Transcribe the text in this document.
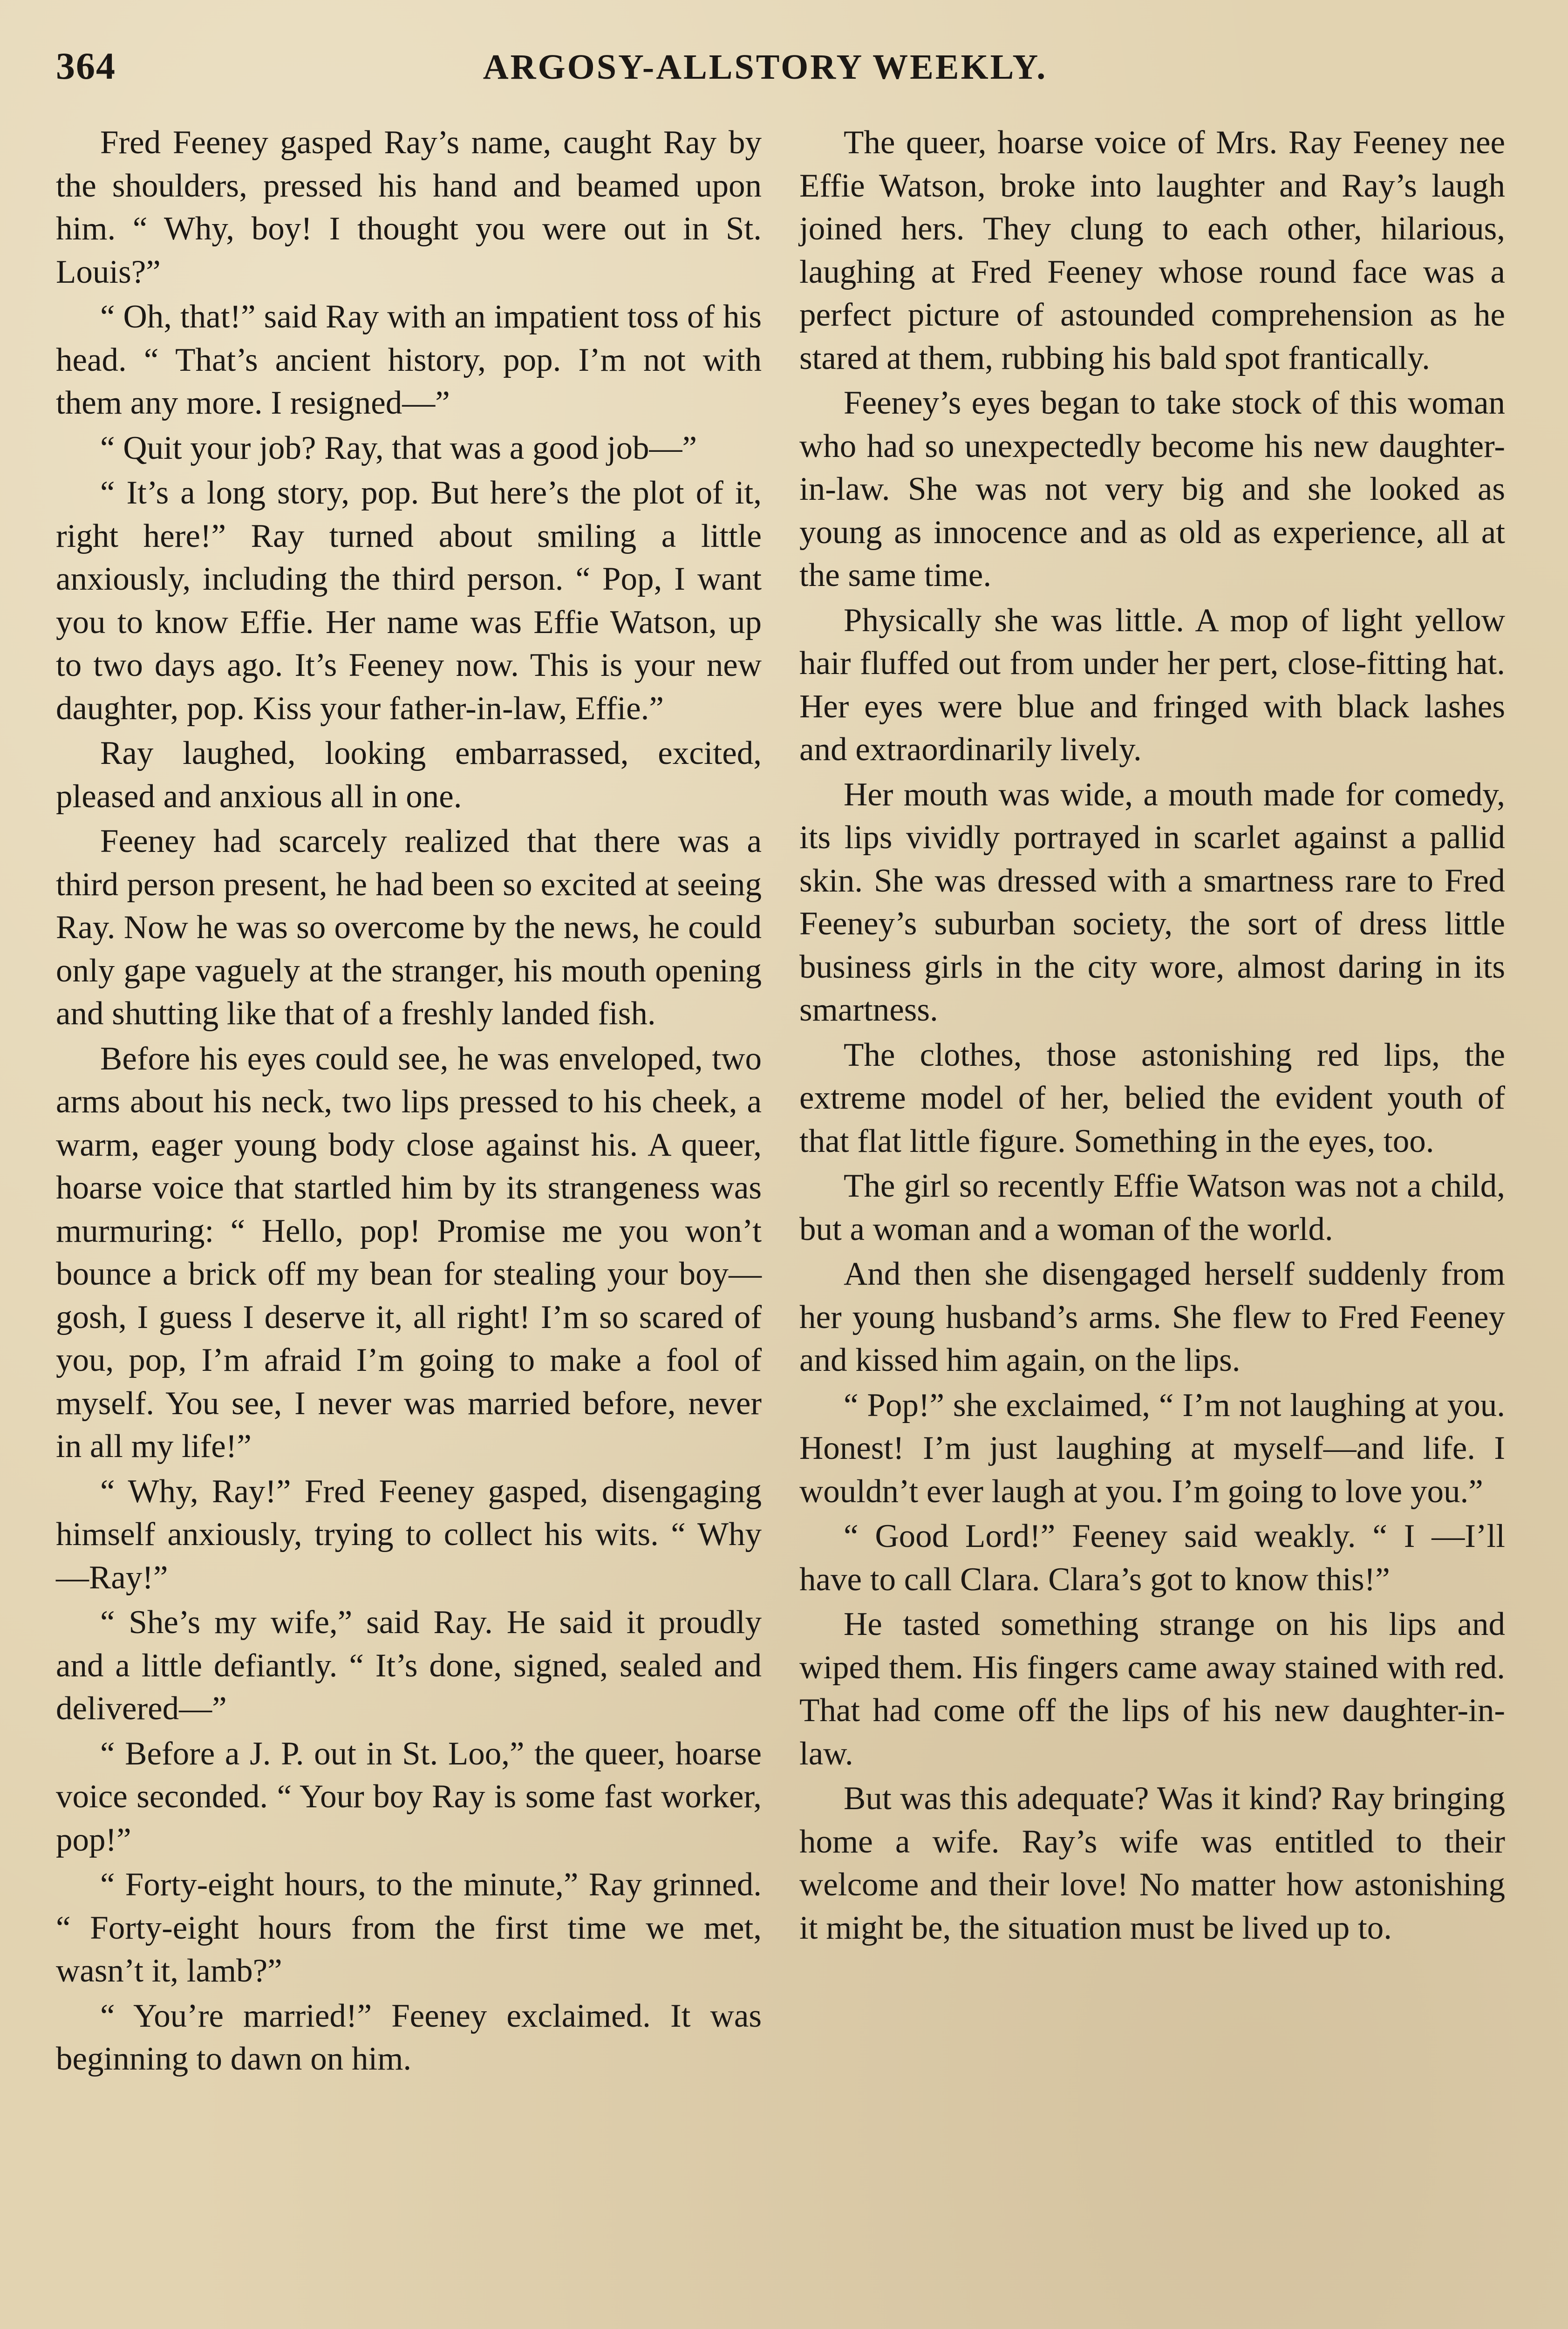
364	ARGOSY-ALLSTORY WEEKLY.

Fred Feeney gasped Ray’s name, caught Ray by the shoulders, pressed his hand and beamed upon him. “ Why, boy! I thought you were out in St. Louis?”

“ Oh, that!” said Ray with an impatient toss of his head. “ That’s ancient history, pop. I’m not with them any more. I resigned—”

“ Quit your job? Ray, that was a good job—”

“ It’s a long story, pop. But here’s the plot of it, right here!” Ray turned about smiling a little anxiously, including the third person. “ Pop, I want you to know Effie. Her name was Effie Watson, up to two days ago. It’s Feeney now. This is your new daughter, pop. Kiss your father-in-law, Effie.”

Ray laughed, looking embarrassed, excited, pleased and anxious all in one.

Feeney had scarcely realized that there was a third person present, he had been so excited at seeing Ray. Now he was so overcome by the news, he could only gape vaguely at the stranger, his mouth opening and shutting like that of a freshly landed fish.

Before his eyes could see, he was enveloped, two arms about his neck, two lips pressed to his cheek, a warm, eager young body close against his. A queer, hoarse voice that startled him by its strangeness was murmuring: “ Hello, pop! Promise me you won’t bounce a brick off my bean for stealing your boy—gosh, I guess I deserve it, all right! I’m so scared of you, pop, I’m afraid I’m going to make a fool of myself. You see, I never was married before, never in all my life!”

“ Why, Ray!” Fred Feeney gasped, disengaging himself anxiously, trying to collect his wits. “ Why—Ray!”

“ She’s my wife,” said Ray. He said it proudly and a little defiantly. “ It’s done, signed, sealed and delivered—”

“ Before a J. P. out in St. Loo,” the queer, hoarse voice seconded. “ Your boy Ray is some fast worker, pop!”

“ Forty-eight hours, to the minute,” Ray grinned. “ Forty-eight hours from the first time we met, wasn’t it, lamb?”

“ You’re married!” Feeney exclaimed. It was beginning to dawn on him.

The queer, hoarse voice of Mrs. Ray Feeney nee Effie Watson, broke into laughter and Ray’s laugh joined hers. They clung to each other, hilarious, laughing at Fred Feeney whose round face was a perfect picture of astounded comprehension as he stared at them, rubbing his bald spot frantically.

Feeney’s eyes began to take stock of this woman who had so unexpectedly become his new daughter-in-law. She was not very big and she looked as young as innocence and as old as experience, all at the same time.

Physically she was little. A mop of light yellow hair fluffed out from under her pert, close-fitting hat. Her eyes were blue and fringed with black lashes and extraordinarily lively.

Her mouth was wide, a mouth made for comedy, its lips vividly portrayed in scarlet against a pallid skin. She was dressed with a smartness rare to Fred Feeney’s suburban society, the sort of dress little business girls in the city wore, almost daring in its smartness.

The clothes, those astonishing red lips, the extreme model of her, belied the evident youth of that flat little figure. Something in the eyes, too.

The girl so recently Effie Watson was not a child, but a woman and a woman of the world.

And then she disengaged herself suddenly from her young husband’s arms. She flew to Fred Feeney and kissed him again, on the lips.

“ Pop!” she exclaimed, “ I’m not laughing at you. Honest! I’m just laughing at myself—and life. I wouldn’t ever laugh at you. I’m going to love you.”

“ Good Lord!” Feeney said weakly. “ I —I’ll have to call Clara. Clara’s got to know this!”

He tasted something strange on his lips and wiped them. His fingers came away stained with red. That had come off the lips of his new daughter-in-law.

But was this adequate? Was it kind? Ray bringing home a wife. Ray’s wife was entitled to their welcome and their love! No matter how astonishing it might be, the situation must be lived up to.
